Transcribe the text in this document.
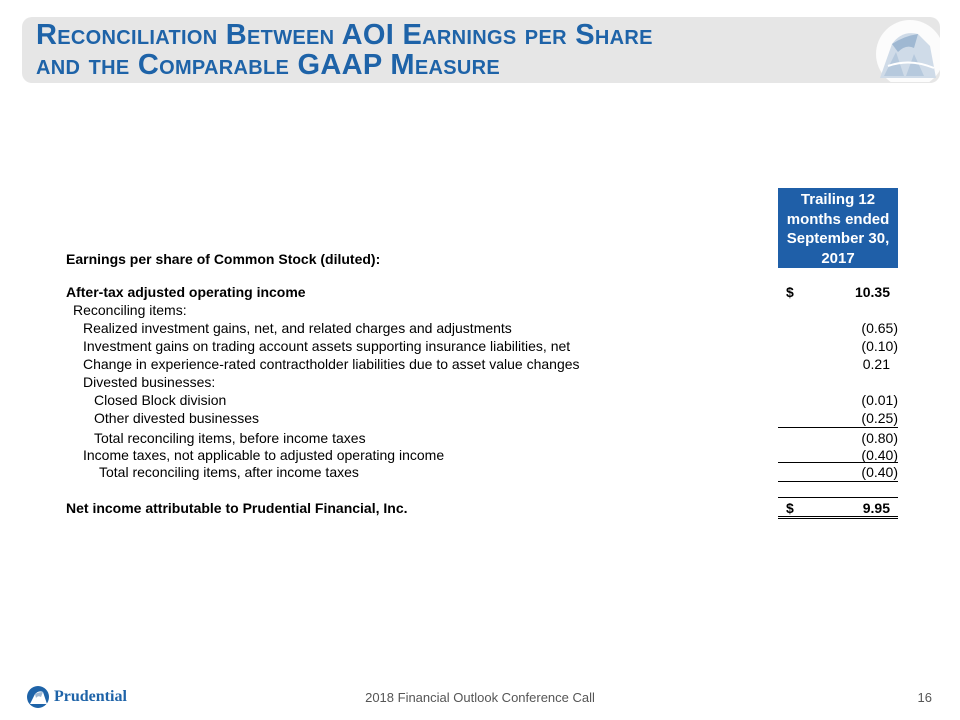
Reconciliation Between AOI Earnings per Share
and the Comparable GAAP Measure
Trailing 12
months ended
September 30,
2017
Earnings per share of Common Stock (diluted):
After-tax adjusted operating income	$	10.35
Reconciling items:
Realized investment gains, net, and related charges and adjustments	(0.65)
Investment gains on trading account assets supporting insurance liabilities, net	(0.10)
Change in experience-rated contractholder liabilities due to asset value changes	0.21
Divested businesses:
Closed Block division	(0.01)
Other divested businesses	(0.25)
Total reconciling items, before income taxes	(0.80)
Income taxes, not applicable to adjusted operating income	(0.40)
Total reconciling items, after income taxes	(0.40)
Net income attributable to Prudential Financial, Inc.	$	9.95
Prudential	2018 Financial Outlook Conference Call	16
